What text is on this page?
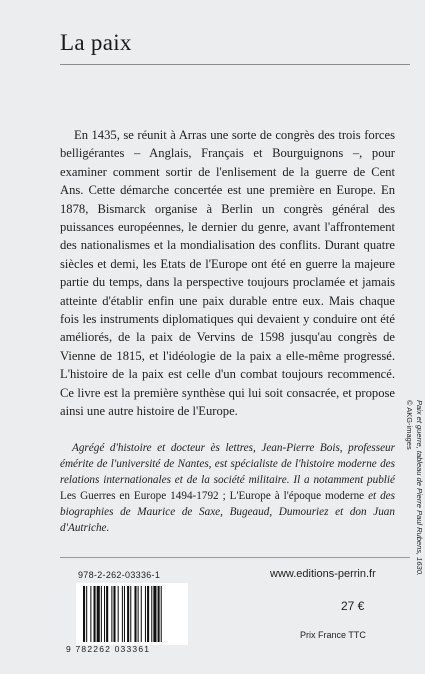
La paix

En 1435, se réunit à Arras une sorte de congrès des trois forces belligérantes – Anglais, Français et Bourguignons –, pour examiner comment sortir de l'enlisement de la guerre de Cent Ans. Cette démarche concertée est une première en Europe. En 1878, Bismarck organise à Berlin un congrès général des puissances européennes, le dernier du genre, avant l'affrontement des nationalismes et la mondialisation des conflits. Durant quatre siècles et demi, les Etats de l'Europe ont été en guerre la majeure partie du temps, dans la perspective toujours proclamée et jamais atteinte d'établir enfin une paix durable entre eux. Mais chaque fois les instruments diplomatiques qui devaient y conduire ont été améliorés, de la paix de Vervins de 1598 jusqu'au congrès de Vienne de 1815, et l'idéologie de la paix a elle-même progressé. L'histoire de la paix est celle d'un combat toujours recommencé. Ce livre est la première synthèse qui lui soit consacrée, et propose ainsi une autre histoire de l'Europe.

Agrégé d'histoire et docteur ès lettres, Jean-Pierre Bois, professeur émérite de l'université de Nantes, est spécialiste de l'histoire moderne des relations internationales et de la société militaire. Il a notamment publié Les Guerres en Europe 1494-1792 ; L'Europe à l'époque moderne et des biographies de Maurice de Saxe, Bugeaud, Dumouriez et don Juan d'Autriche.

978-2-262-03336-1
9 782262 033361
www.editions-perrin.fr
27 €
Prix France TTC
Paix et guerre, tableau de Pierre Paul Rubens, 1630.
© AKG-images
